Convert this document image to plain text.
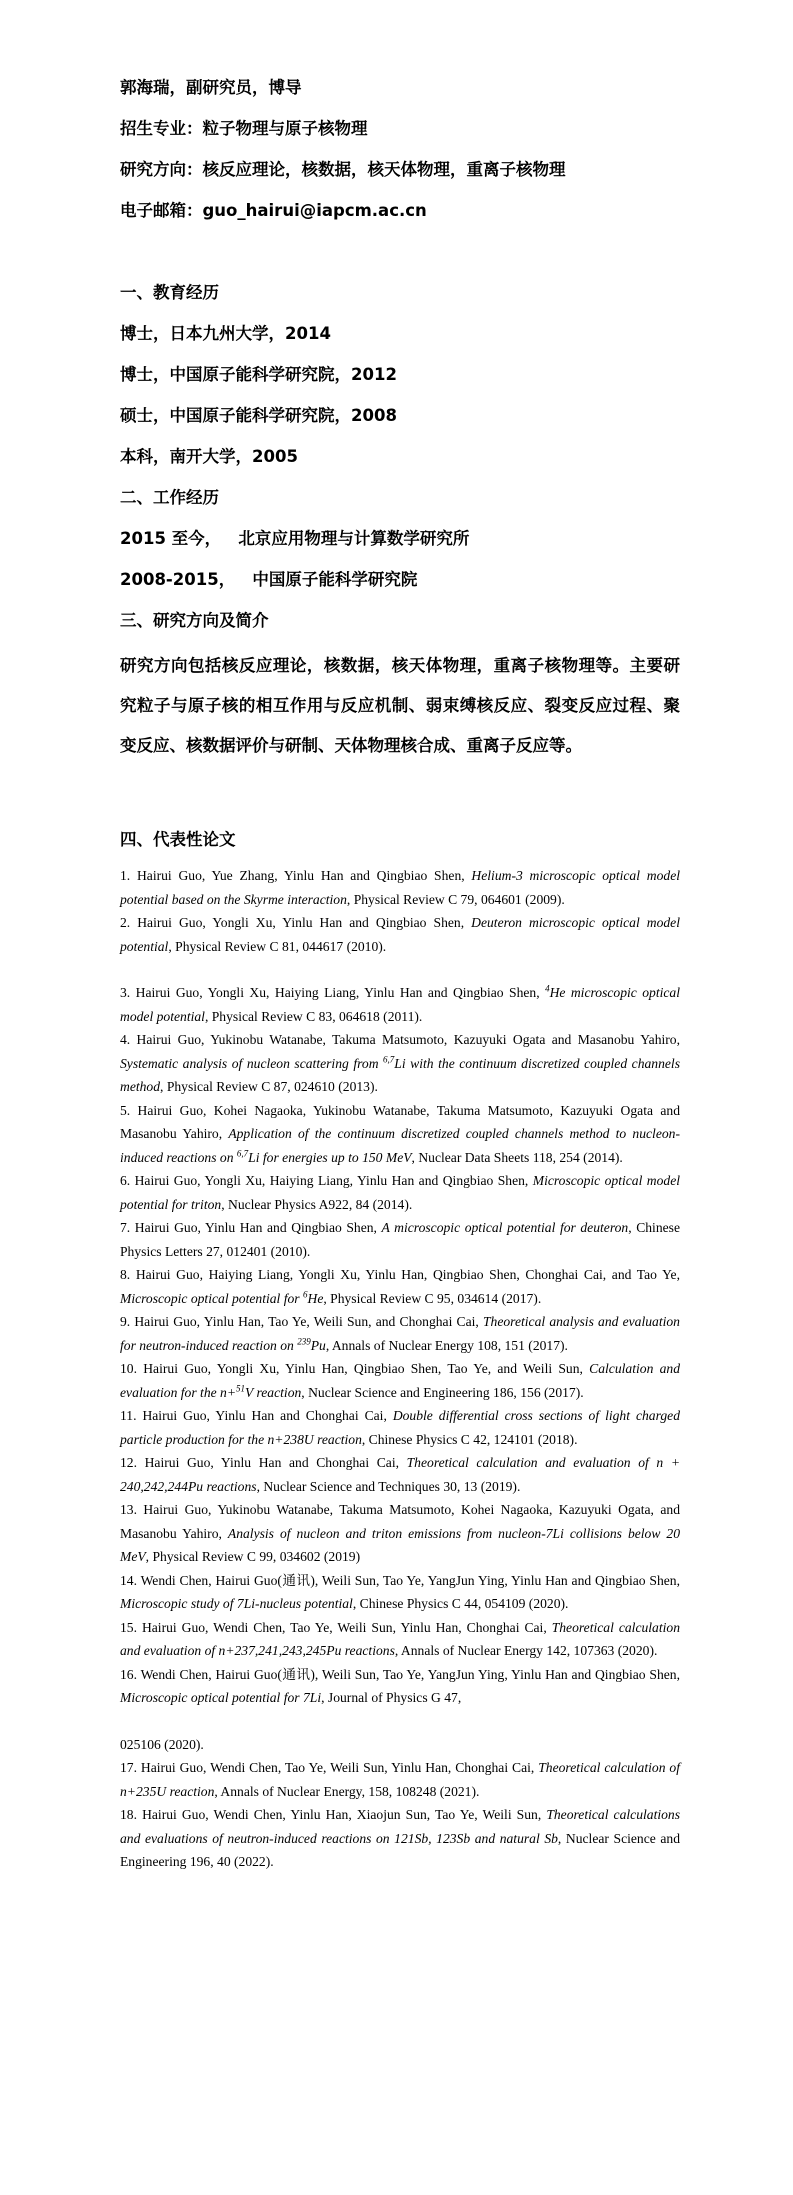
郭海瑞，副研究员，博导
招生专业：粒子物理与原子核物理
研究方向：核反应理论，核数据，核天体物理，重离子核物理
电子邮箱：guo_hairui@iapcm.ac.cn
一、教育经历
博士，日本九州大学，2014
博士，中国原子能科学研究院，2012
硕士，中国原子能科学研究院，2008
本科，南开大学，2005
二、工作经历
2015 至今，   北京应用物理与计算数学研究所
2008-2015，   中国原子能科学研究院
三、研究方向及简介
研究方向包括核反应理论，核数据，核天体物理，重离子核物理等。主要研究粒子与原子核的相互作用与反应机制、弱束缚核反应、裂变反应过程、聚变反应、核数据评价与研制、天体物理核合成、重离子反应等。
四、代表性论文

1. Hairui Guo, Yue Zhang, Yinlu Han and Qingbiao Shen, Helium-3 microscopic optical model potential based on the Skyrme interaction, Physical Review C 79, 064601 (2009).

2. Hairui Guo, Yongli Xu, Yinlu Han and Qingbiao Shen, Deuteron microscopic optical model potential, Physical Review C 81, 044617 (2010).

3. Hairui Guo, Yongli Xu, Haiying Liang, Yinlu Han and Qingbiao Shen, $^4$He microscopic optical model potential, Physical Review C 83, 064618 (2011).

4. Hairui Guo, Yukinobu Watanabe, Takuma Matsumoto, Kazuyuki Ogata and Masanobu Yahiro, Systematic analysis of nucleon scattering from $^{6,7}$Li with the continuum discretized coupled channels method, Physical Review C 87, 024610 (2013).

5. Hairui Guo, Kohei Nagaoka, Yukinobu Watanabe, Takuma Matsumoto, Kazuyuki Ogata and Masanobu Yahiro, Application of the continuum discretized coupled channels method to nucleon-induced reactions on $^{6,7}$Li for energies up to 150 MeV, Nuclear Data Sheets 118, 254 (2014).

6. Hairui Guo, Yongli Xu, Haiying Liang, Yinlu Han and Qingbiao Shen, Microscopic optical model potential for triton, Nuclear Physics A922, 84 (2014).

7. Hairui Guo, Yinlu Han and Qingbiao Shen, A microscopic optical potential for deuteron, Chinese Physics Letters 27, 012401 (2010).

8. Hairui Guo, Haiying Liang, Yongli Xu, Yinlu Han, Qingbiao Shen, Chonghai Cai, and Tao Ye, Microscopic optical potential for $^6$He, Physical Review C 95, 034614 (2017).

9. Hairui Guo, Yinlu Han, Tao Ye, Weili Sun, and Chonghai Cai, Theoretical analysis and evaluation for neutron-induced reaction on $^{239}$Pu, Annals of Nuclear Energy 108, 151 (2017).

10. Hairui Guo, Yongli Xu, Yinlu Han, Qingbiao Shen, Tao Ye, and Weili Sun, Calculation and evaluation for the n+$^{51}$V reaction, Nuclear Science and Engineering 186, 156 (2017).

11. Hairui Guo, Yinlu Han and Chonghai Cai, Double differential cross sections of light charged particle production for the n+238U reaction, Chinese Physics C 42, 124101 (2018).

12. Hairui Guo, Yinlu Han and Chonghai Cai, Theoretical calculation and evaluation of n + 240,242,244Pu reactions, Nuclear Science and Techniques 30, 13 (2019).

13. Hairui Guo, Yukinobu Watanabe, Takuma Matsumoto, Kohei Nagaoka, Kazuyuki Ogata, and Masanobu Yahiro, Analysis of nucleon and triton emissions from nucleon-7Li collisions below 20 MeV, Physical Review C 99, 034602 (2019)

14. Wendi Chen, Hairui Guo(通讯), Weili Sun, Tao Ye, YangJun Ying, Yinlu Han and Qingbiao Shen, Microscopic study of 7Li-nucleus potential, Chinese Physics C 44, 054109 (2020).

15. Hairui Guo, Wendi Chen, Tao Ye, Weili Sun, Yinlu Han, Chonghai Cai, Theoretical calculation and evaluation of n+237,241,243,245Pu reactions, Annals of Nuclear Energy 142, 107363 (2020).

16. Wendi Chen, Hairui Guo(通讯), Weili Sun, Tao Ye, YangJun Ying, Yinlu Han and Qingbiao Shen, Microscopic optical potential for 7Li, Journal of Physics G 47,
025106 (2020).

17. Hairui Guo, Wendi Chen, Tao Ye, Weili Sun, Yinlu Han, Chonghai Cai, Theoretical calculation of n+235U reaction, Annals of Nuclear Energy, 158, 108248 (2021).

18. Hairui Guo, Wendi Chen, Yinlu Han, Xiaojun Sun, Tao Ye, Weili Sun, Theoretical calculations and evaluations of neutron-induced reactions on 121Sb, 123Sb and natural Sb, Nuclear Science and Engineering 196, 40 (2022).
